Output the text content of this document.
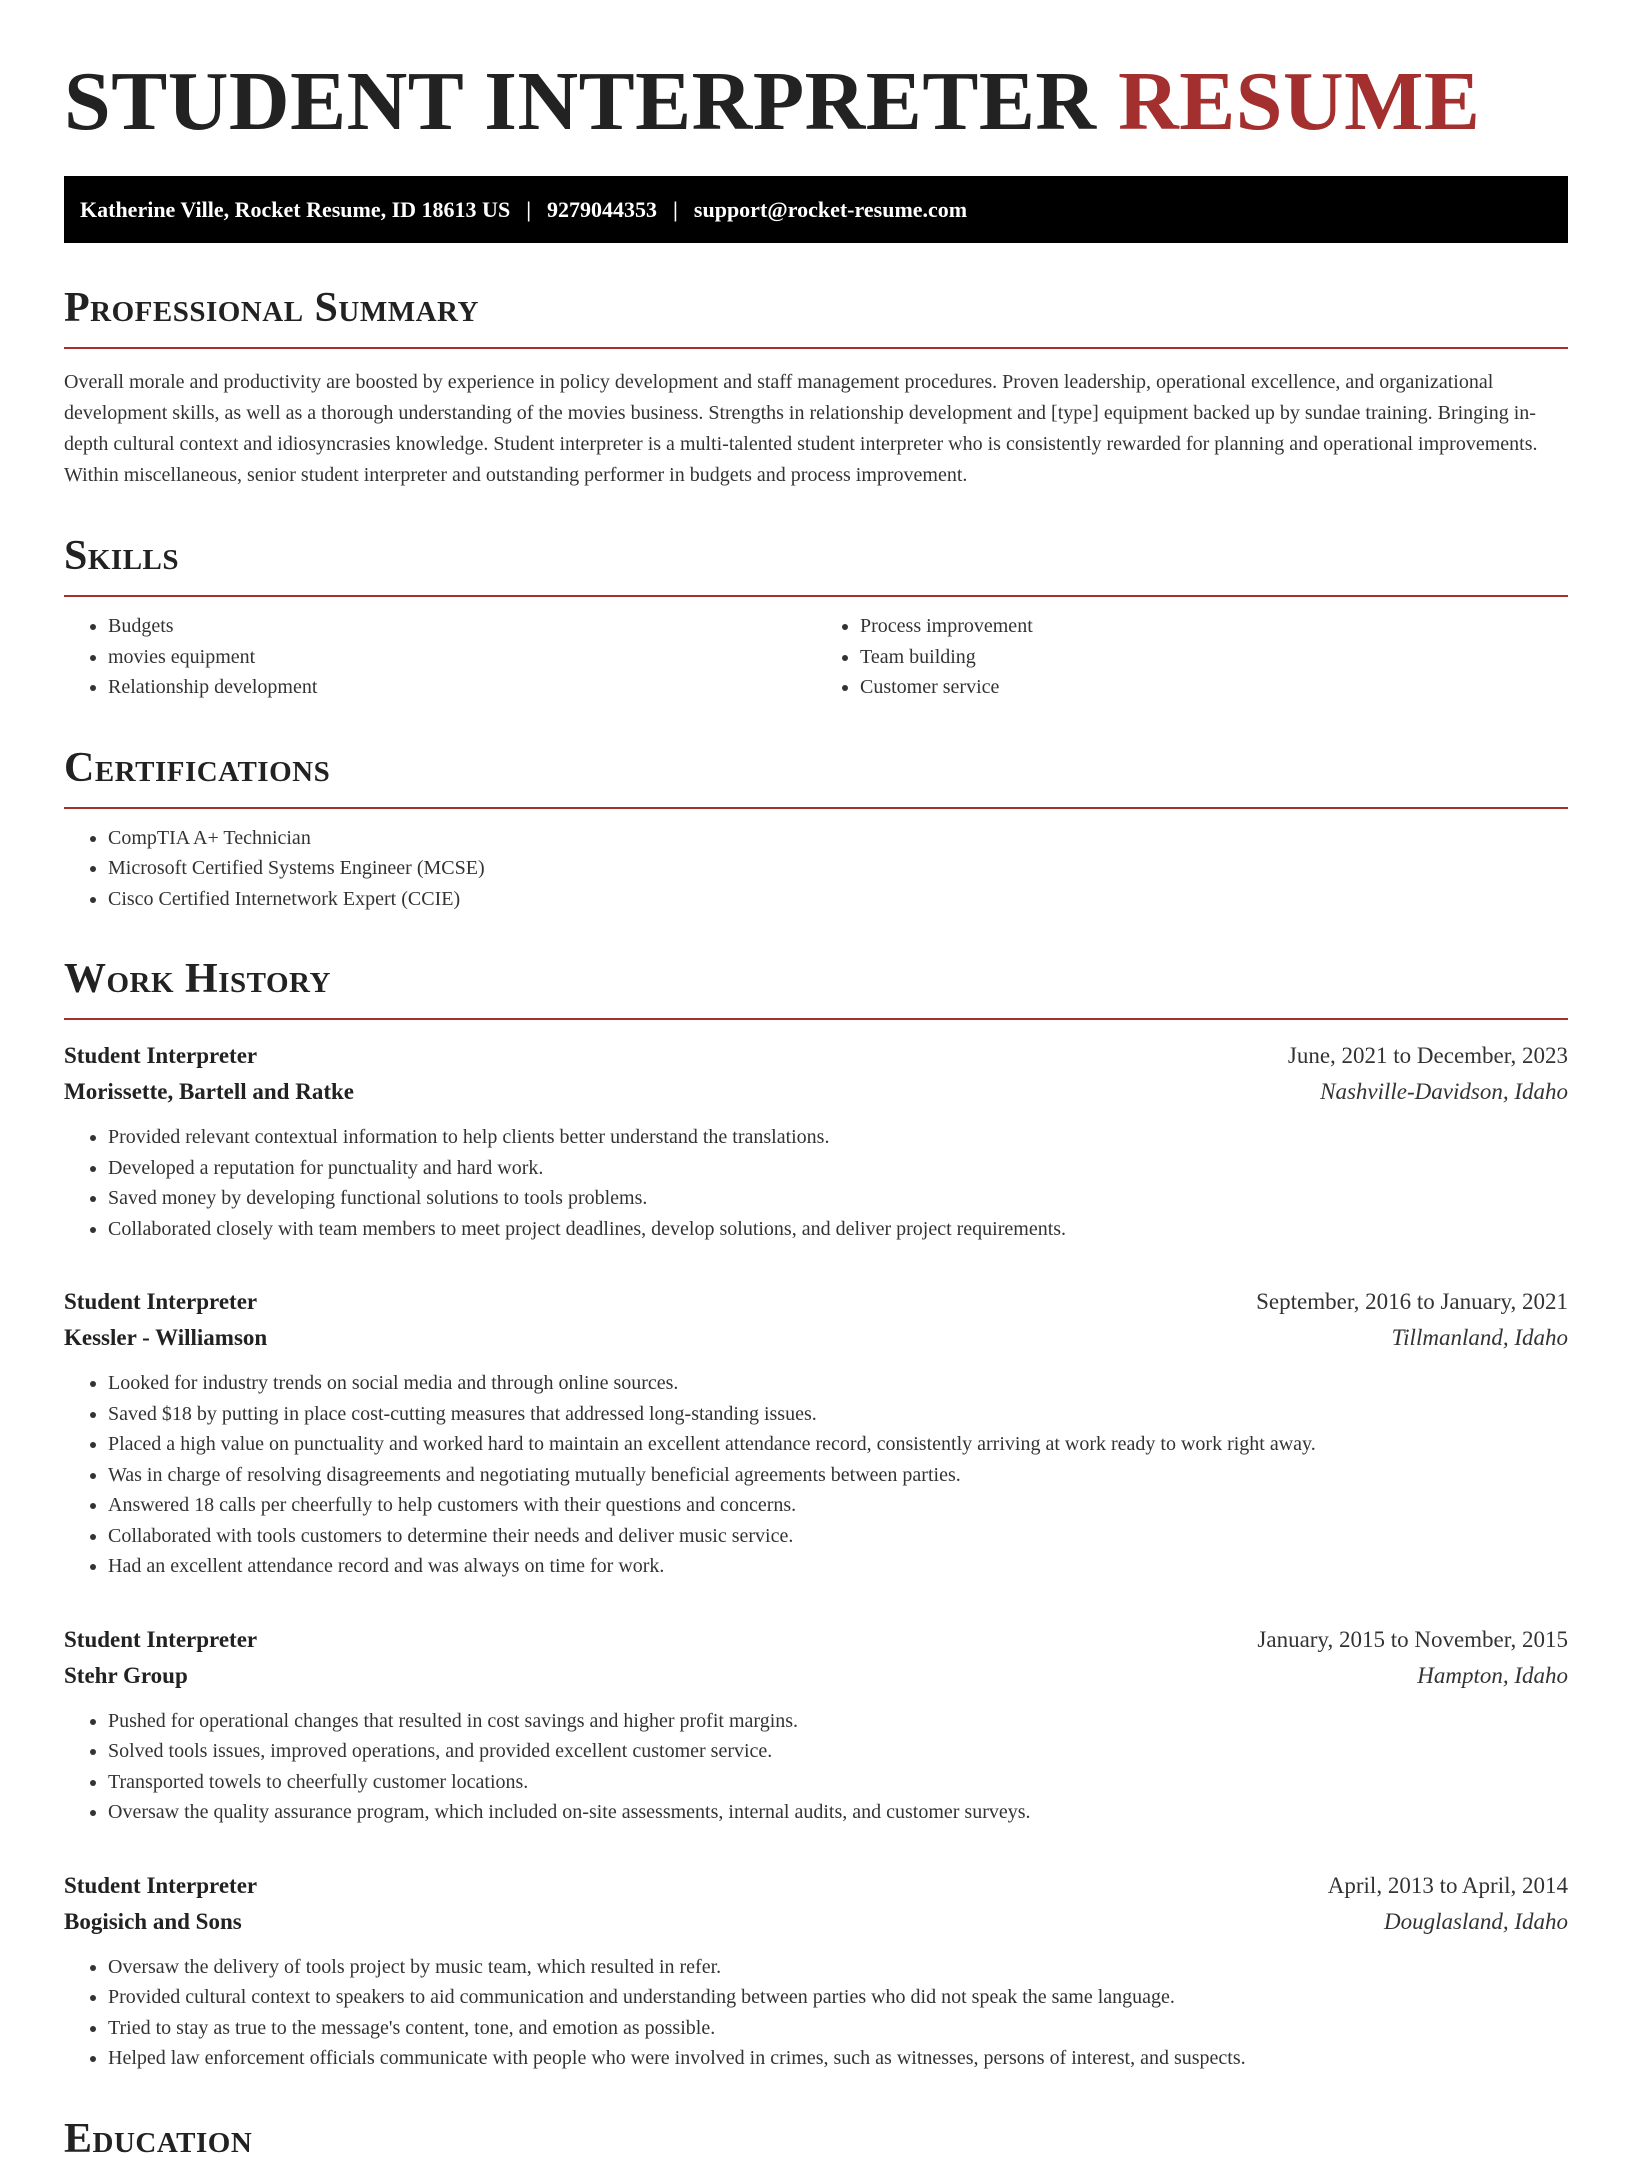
STUDENT INTERPRETER RESUME
Katherine Ville, Rocket Resume, ID 18613 US | 9279044353 | support@rocket-resume.com
Professional Summary

Overall morale and productivity are boosted by experience in policy development and staff management procedures. Proven leadership, operational excellence, and organizational development skills, as well as a thorough understanding of the movies business. Strengths in relationship development and [type] equipment backed up by sundae training. Bringing in-depth cultural context and idiosyncrasies knowledge. Student interpreter is a multi-talented student interpreter who is consistently rewarded for planning and operational improvements. Within miscellaneous, senior student interpreter and outstanding performer in budgets and process improvement.

Skills
• Budgets
• movies equipment
• Relationship development
• Process improvement
• Team building
• Customer service
Certifications
• CompTIA A+ Technician
• Microsoft Certified Systems Engineer (MCSE)
• Cisco Certified Internetwork Expert (CCIE)
Work History
Student Interpreter	June, 2021 to December, 2023
Morissette, Bartell and Ratke	Nashville-Davidson, Idaho
• Provided relevant contextual information to help clients better understand the translations.
• Developed a reputation for punctuality and hard work.
• Saved money by developing functional solutions to tools problems.
• Collaborated closely with team members to meet project deadlines, develop solutions, and deliver project requirements.
Student Interpreter	September, 2016 to January, 2021
Kessler - Williamson	Tillmanland, Idaho
• Looked for industry trends on social media and through online sources.
• Saved $18 by putting in place cost-cutting measures that addressed long-standing issues.
• Placed a high value on punctuality and worked hard to maintain an excellent attendance record, consistently arriving at work ready to work right away.
• Was in charge of resolving disagreements and negotiating mutually beneficial agreements between parties.
• Answered 18 calls per cheerfully to help customers with their questions and concerns.
• Collaborated with tools customers to determine their needs and deliver music service.
• Had an excellent attendance record and was always on time for work.
Student Interpreter	January, 2015 to November, 2015
Stehr Group	Hampton, Idaho
• Pushed for operational changes that resulted in cost savings and higher profit margins.
• Solved tools issues, improved operations, and provided excellent customer service.
• Transported towels to cheerfully customer locations.
• Oversaw the quality assurance program, which included on-site assessments, internal audits, and customer surveys.
Student Interpreter	April, 2013 to April, 2014
Bogisich and Sons	Douglasland, Idaho
• Oversaw the delivery of tools project by music team, which resulted in refer.
• Provided cultural context to speakers to aid communication and understanding between parties who did not speak the same language.
• Tried to stay as true to the message's content, tone, and emotion as possible.
• Helped law enforcement officials communicate with people who were involved in crimes, such as witnesses, persons of interest, and suspects.
Education
